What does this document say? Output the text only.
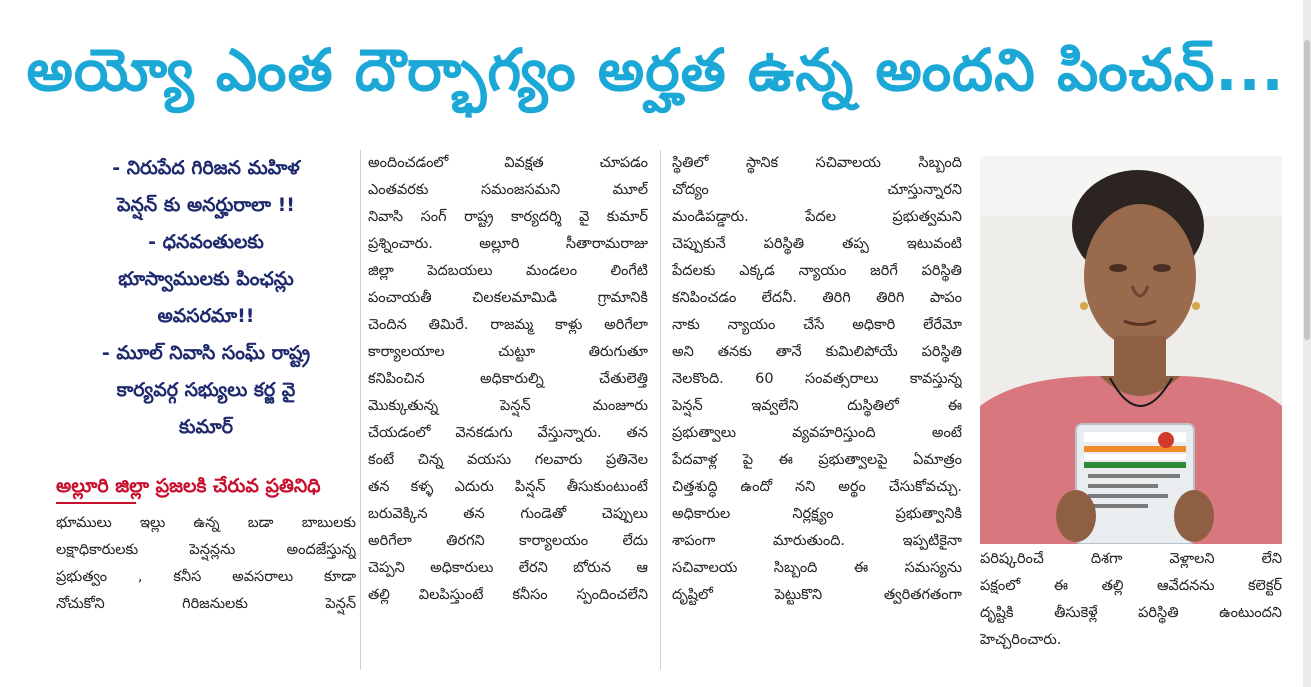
అయ్యో ఎంత దౌర్భాగ్యం అర్హత ఉన్న అందని పించన్...
- నిరుపేద గిరిజన మహిళ
పెన్షన్ కు అనర్హురాలా !!
- ధనవంతులకు
భూస్వాములకు పింఛన్లు
అవసరమా!!
- మూల్ నివాసి సంఘ్ రాష్ట్ర
కార్యవర్గ సభ్యులు కర్జ వై
కుమార్
అల్లూరి జిల్లా ప్రజలకి చేరువ ప్రతినిధి
భూములు ఇల్లు ఉన్న బడా బాబులకు
లక్షాధికారులకు పెన్షన్లను అందజేస్తున్న
ప్రభుత్వం , కనీస అవసరాలు కూడా
నోచుకోని గిరిజనులకు పెన్షన్
అందించడంలో వివక్షత చూపడం
ఎంతవరకు సమంజసమని మూల్
నివాసి సంగ్ రాష్ట్ర కార్యదర్శి వై కుమార్
ప్రశ్నించారు. అల్లూరి సీతారామరాజు
జిల్లా పెదబయలు మండలం లింగేటి
పంచాయతీ చిలకలమామిడి గ్రామానికి
చెందిన తిమిరే. రాజమ్మ కాళ్లు అరిగేలా
కార్యాలయాల చుట్టూ తిరుగుతూ
కనిపించిన అధికారుల్ని చేతులెత్తి
మొక్కుతున్న పెన్షన్ మంజూరు
చేయడంలో వెనకడుగు వేస్తున్నారు. తన
కంటే చిన్న వయసు గలవారు ప్రతినెల
తన కళ్ళ ఎదురు పిన్షన్ తీసుకుంటుంటే
బరువెక్కిన తన గుండెతో చెప్పులు
అరిగేలా తిరగని కార్యాలయం లేదు
చెప్పని అధికారులు లేరని బోరున ఆ
తల్లి విలపిస్తుంటే కనీసం స్పందించలేని
స్థితిలో స్థానిక సచివాలయ సిబ్బంది
చోద్యం చూస్తున్నారని
మండిపడ్డారు. పేదల ప్రభుత్వమని
చెప్పుకునే పరిస్థితి తప్ప ఇటువంటి
పేదలకు ఎక్కడ న్యాయం జరిగే పరిస్థితి
కనిపించడం లేదనీ. తిరిగి తిరిగి పాపం
నాకు న్యాయం చేసే అధికారి లేరేమో
అని తనకు తానే కుమిలిపోయే పరిస్థితి
నెలకొంది. 60 సంవత్సరాలు కావస్తున్న
పెన్షన్ ఇవ్వలేని దుస్థితిలో ఈ
ప్రభుత్వాలు వ్యవహరిస్తుంది అంటే
పేదవాళ్ల పై ఈ ప్రభుత్వాలపై ఏమాత్రం
చిత్తశుద్ధి ఉందో నని అర్థం చేసుకోవచ్చు.
అధికారుల నిర్లక్ష్యం ప్రభుత్వానికి
శాపంగా మారుతుంది. ఇప్పటికైనా
సచివాలయ సిబ్బంది ఈ సమస్యను
దృష్టిలో పెట్టుకొని త్వరితగతంగా
పరిష్కరించే దిశగా వెళ్లాలని లేని
పక్షంలో ఈ తల్లి ఆవేదనను కలెక్టర్
దృష్టికి తీసుకెళ్లే పరిస్థితి ఉంటుందని
హెచ్చరించారు.
